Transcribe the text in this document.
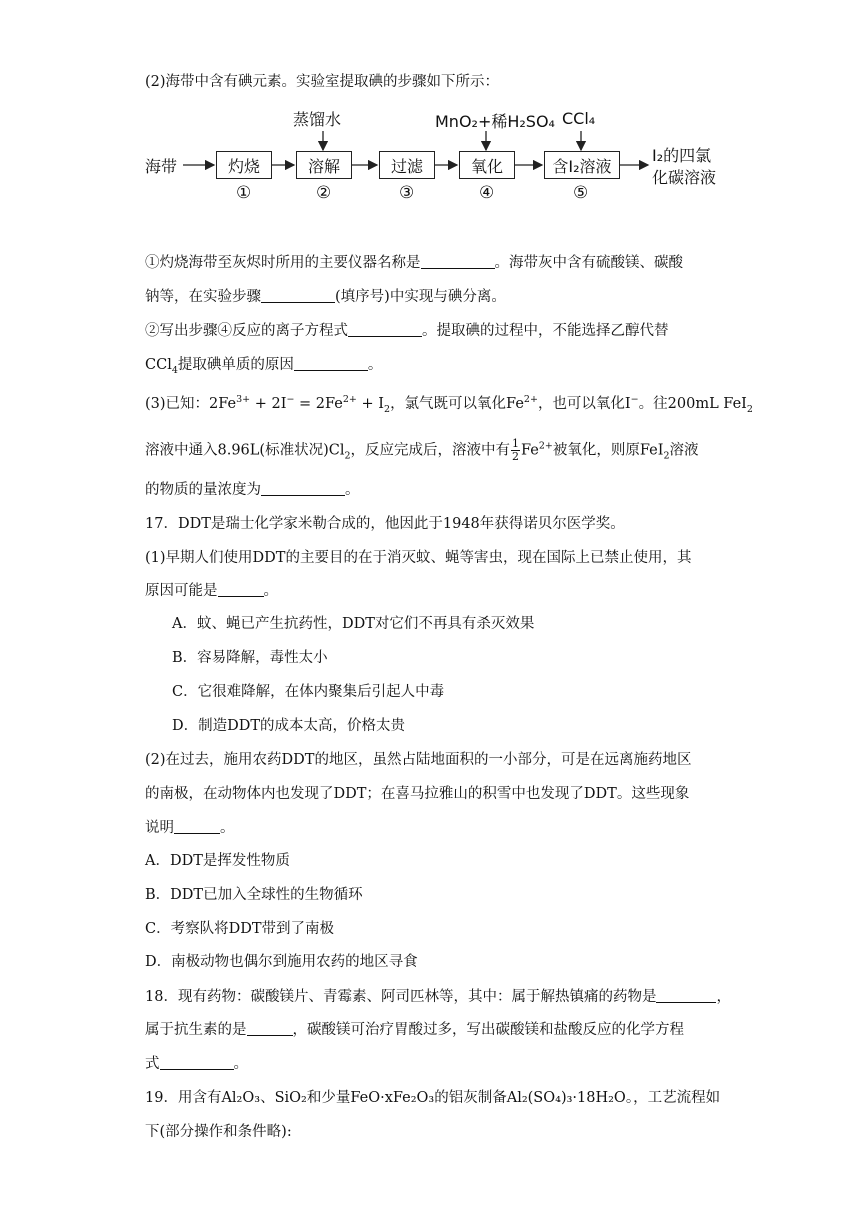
(2)海带中含有碘元素。实验室提取碘的步骤如下所示：
海带	灼烧	溶解	过滤	氧化	含I₂溶液
①	②	③	④	⑤
蒸馏水	MnO₂+稀H₂SO₄ CCl₄
I₂的四氯
化碳溶液
①灼烧海带至灰烬时所用的主要仪器名称是	。海带灰中含有硫酸镁、碳酸
钠等，在实验步骤	(填序号)中实现与碘分离。
②写出步骤④反应的离子方程式	。提取碘的过程中，不能选择乙醇代替
CCl$_4$提取碘单质的原因	。
(3)已知：$2Fe^{3+} + 2I^- = 2Fe^{2+} + I_2$，氯气既可以氧化$Fe^{2+}$，也可以氧化I−。往200mL FeI$_2$
溶液中通入8.96L(标准状况)$Cl_2$，反应完成后，溶液中有 $\frac{1}{2} Fe^{2+}$被氧化，则原FeI$_2$溶液
的物质的量浓度为	。
17．DDT是瑞士化学家米勒合成的，他因此于1948年获得诺贝尔医学奖。
(1)早期人们使用DDT的主要目的在于消灭蚊、蝇等害虫，现在国际上已禁止使用，其
原因可能是	。
A．蚊、蝇已产生抗药性，DDT对它们不再具有杀灭效果
B．容易降解，毒性太小
C．它很难降解，在体内聚集后引起人中毒
D．制造DDT的成本太高，价格太贵
(2)在过去，施用农药DDT的地区，虽然占陆地面积的一小部分，可是在远离施药地区
的南极，在动物体内也发现了DDT；在喜马拉雅山的积雪中也发现了DDT。这些现象
说明	。
A．DDT是挥发性物质
B．DDT已加入全球性的生物循环
C．考察队将DDT带到了南极
D．南极动物也偶尔到施用农药的地区寻食
18．现有药物：碳酸镁片、青霉素、阿司匹林等，其中：属于解热镇痛的药物是	，
属于抗生素的是	，碳酸镁可治疗胃酸过多，写出碳酸镁和盐酸反应的化学方程
式	。
19．用含有Al₂O₃、SiO₂和少量FeO·xFe₂O₃的铝灰制备Al₂(SO₄)₃·18H₂O。，工艺流程如
下(部分操作和条件略):
